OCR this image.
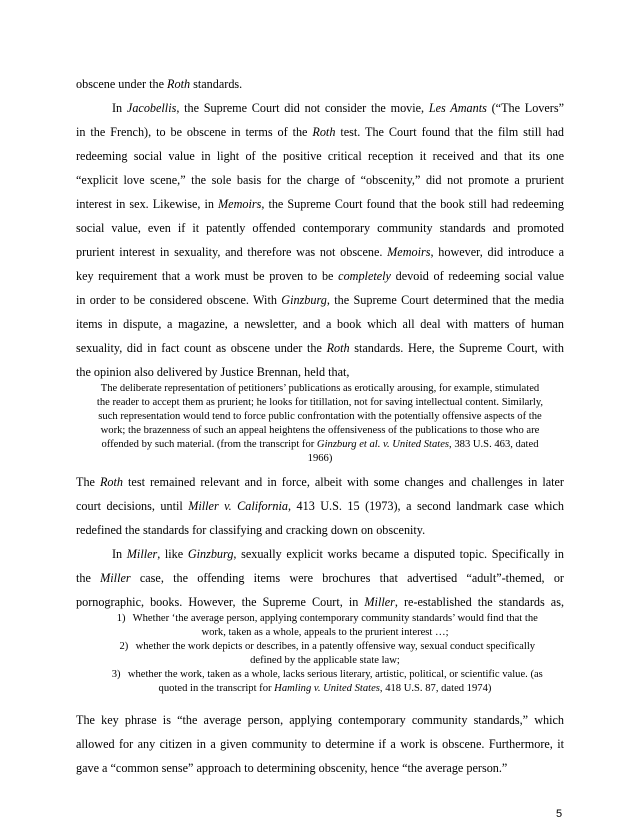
obscene under the Roth standards.
In Jacobellis, the Supreme Court did not consider the movie, Les Amants (“The Lovers”
in the French), to be obscene in terms of the Roth test. The Court found that the film still had
redeeming social value in light of the positive critical reception it received and that its one
“explicit love scene,” the sole basis for the charge of “obscenity,” did not promote a prurient
interest in sex. Likewise, in Memoirs, the Supreme Court found that the book still had redeeming
social value, even if it patently offended contemporary community standards and promoted
prurient interest in sexuality, and therefore was not obscene. Memoirs, however, did introduce a
key requirement that a work must be proven to be completely devoid of redeeming social value
in order to be considered obscene. With Ginzburg, the Supreme Court determined that the media
items in dispute, a magazine, a newsletter, and a book which all deal with matters of human
sexuality, did in fact count as obscene under the Roth standards. Here, the Supreme Court, with
the opinion also delivered by Justice Brennan, held that,
The deliberate representation of petitioners’ publications as erotically arousing, for example, stimulated
the reader to accept them as prurient; he looks for titillation, not for saving intellectual content. Similarly,
such representation would tend to force public confrontation with the potentially offensive aspects of the
work; the brazenness of such an appeal heightens the offensiveness of the publications to those who are
offended by such material. (from the transcript for Ginzburg et al. v. United States, 383 U.S. 463, dated
1966)
The Roth test remained relevant and in force, albeit with some changes and challenges in later
court decisions, until Miller v. California, 413 U.S. 15 (1973), a second landmark case which
redefined the standards for classifying and cracking down on obscenity.
In Miller, like Ginzburg, sexually explicit works became a disputed topic. Specifically in
the Miller case, the offending items were brochures that advertised “adult”-themed, or
pornographic, books. However, the Supreme Court, in Miller, re-established the standards as,
1) Whether ‘the average person, applying contemporary community standards’ would find that the
work, taken as a whole, appeals to the prurient interest …;
2) whether the work depicts or describes, in a patently offensive way, sexual conduct specifically
defined by the applicable state law;
3) whether the work, taken as a whole, lacks serious literary, artistic, political, or scientific value. (as
quoted in the transcript for Hamling v. United States, 418 U.S. 87, dated 1974)
The key phrase is “the average person, applying contemporary community standards,” which
allowed for any citizen in a given community to determine if a work is obscene. Furthermore, it
gave a “common sense” approach to determining obscenity, hence “the average person.”
5
